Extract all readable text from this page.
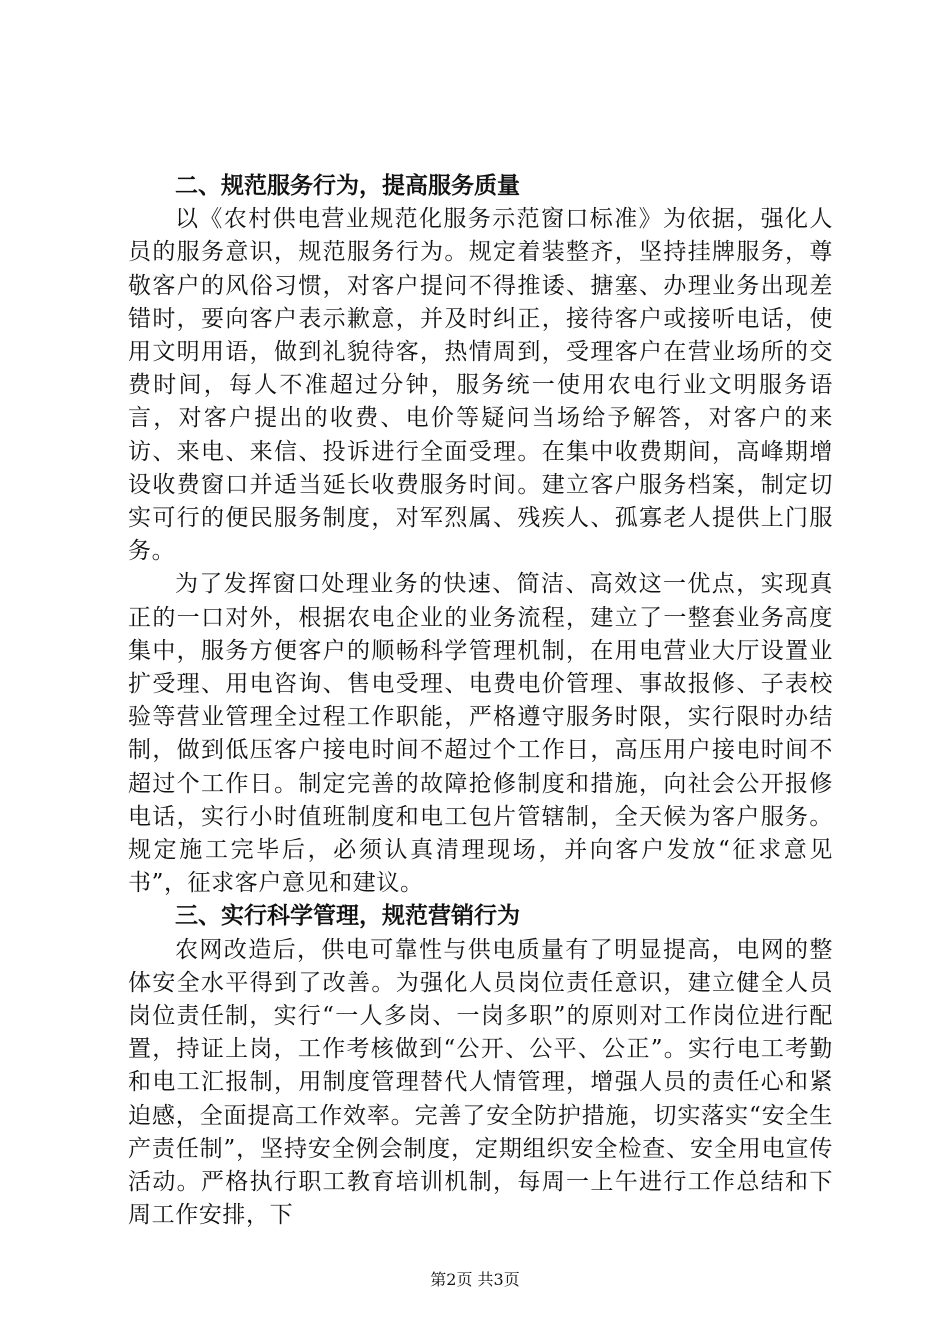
二、规范服务行为，提高服务质量

以《农村供电营业规范化服务示范窗口标准》为依据，强化人员的服务意识，规范服务行为。规定着装整齐，坚持挂牌服务，尊敬客户的风俗习惯，对客户提问不得推诿、搪塞、办理业务出现差错时，要向客户表示歉意，并及时纠正，接待客户或接听电话，使用文明用语，做到礼貌待客，热情周到，受理客户在营业场所的交费时间，每人不准超过分钟，服务统一使用农电行业文明服务语言，对客户提出的收费、电价等疑问当场给予解答，对客户的来访、来电、来信、投诉进行全面受理。在集中收费期间，高峰期增设收费窗口并适当延长收费服务时间。建立客户服务档案，制定切实可行的便民服务制度，对军烈属、残疾人、孤寡老人提供上门服务。

为了发挥窗口处理业务的快速、简洁、高效这一优点，实现真正的一口对外，根据农电企业的业务流程，建立了一整套业务高度集中，服务方便客户的顺畅科学管理机制，在用电营业大厅设置业扩受理、用电咨询、售电受理、电费电价管理、事故报修、子表校验等营业管理全过程工作职能，严格遵守服务时限，实行限时办结制，做到低压客户接电时间不超过个工作日，高压用户接电时间不超过个工作日。制定完善的故障抢修制度和措施，向社会公开报修电话，实行小时值班制度和电工包片管辖制，全天候为客户服务。规定施工完毕后，必须认真清理现场，并向客户发放“征求意见书”，征求客户意见和建议。

三、实行科学管理，规范营销行为

农网改造后，供电可靠性与供电质量有了明显提高，电网的整体安全水平得到了改善。为强化人员岗位责任意识，建立健全人员岗位责任制，实行“一人多岗、一岗多职”的原则对工作岗位进行配置，持证上岗，工作考核做到“公开、公平、公正”。实行电工考勤和电工汇报制，用制度管理替代人情管理，增强人员的责任心和紧迫感，全面提高工作效率。完善了安全防护措施，切实落实“安全生产责任制”，坚持安全例会制度，定期组织安全检查、安全用电宣传活动。严格执行职工教育培训机制，每周一上午进行工作总结和下周工作安排，下

第2页 共3页
